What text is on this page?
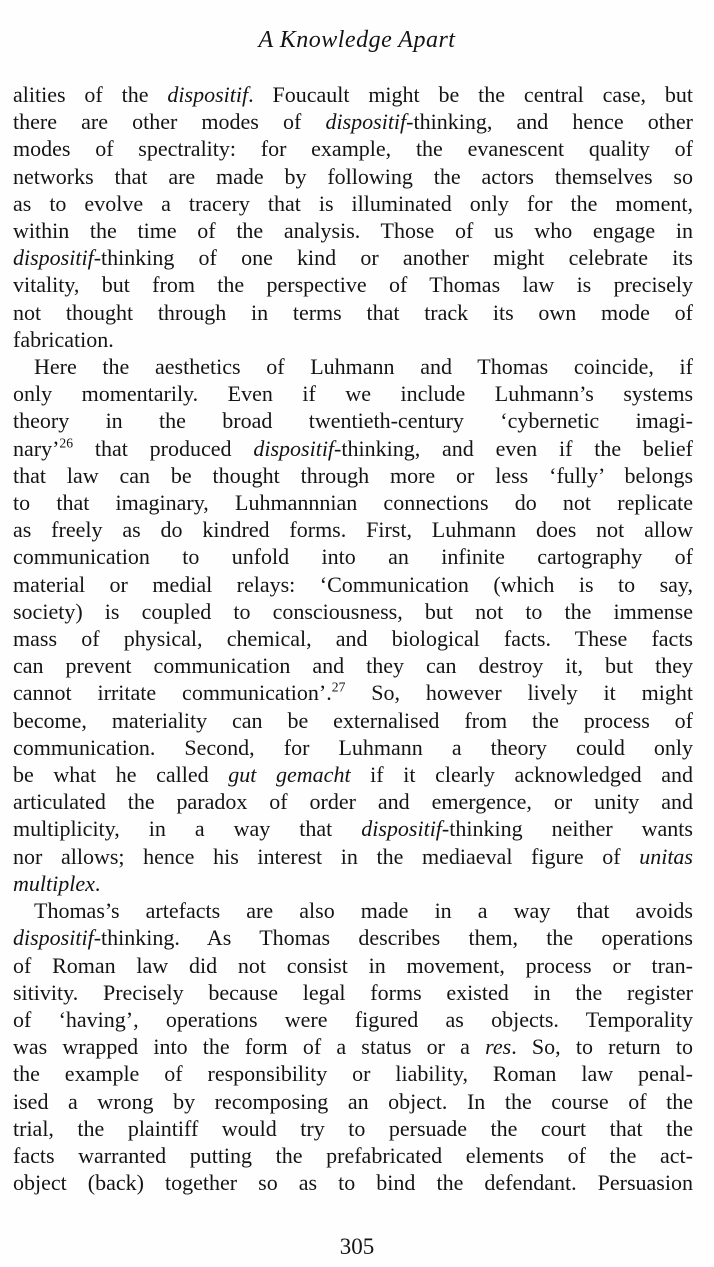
A Knowledge Apart
alities of the dispositif. Foucault might be the central case, but
there are other modes of dispositif-thinking, and hence other
modes of spectrality: for example, the evanescent quality of
networks that are made by following the actors themselves so
as to evolve a tracery that is illuminated only for the moment,
within the time of the analysis. Those of us who engage in
dispositif-thinking of one kind or another might celebrate its
vitality, but from the perspective of Thomas law is precisely
not thought through in terms that track its own mode of
fabrication.
Here the aesthetics of Luhmann and Thomas coincide, if
only momentarily. Even if we include Luhmann’s systems
theory in the broad twentieth-century ‘cybernetic imagi-
nary’$^{26}$ that produced dispositif-thinking, and even if the belief
that law can be thought through more or less ‘fully’ belongs
to that imaginary, Luhmannnian connections do not replicate
as freely as do kindred forms. First, Luhmann does not allow
communication to unfold into an infinite cartography of
material or medial relays: ‘Communication (which is to say,
society) is coupled to consciousness, but not to the immense
mass of physical, chemical, and biological facts. These facts
can prevent communication and they can destroy it, but they
cannot irritate communication’.$^{27}$ So, however lively it might
become, materiality can be externalised from the process of
communication. Second, for Luhmann a theory could only
be what he called gut gemacht if it clearly acknowledged and
articulated the paradox of order and emergence, or unity and
multiplicity, in a way that dispositif-thinking neither wants
nor allows; hence his interest in the mediaeval figure of unitas
multiplex.
Thomas’s artefacts are also made in a way that avoids
dispositif-thinking. As Thomas describes them, the operations
of Roman law did not consist in movement, process or tran-
sitivity. Precisely because legal forms existed in the register
of ‘having’, operations were figured as objects. Temporality
was wrapped into the form of a status or a res. So, to return to
the example of responsibility or liability, Roman law penal-
ised a wrong by recomposing an object. In the course of the
trial, the plaintiff would try to persuade the court that the
facts warranted putting the prefabricated elements of the act-
object (back) together so as to bind the defendant. Persuasion
305
